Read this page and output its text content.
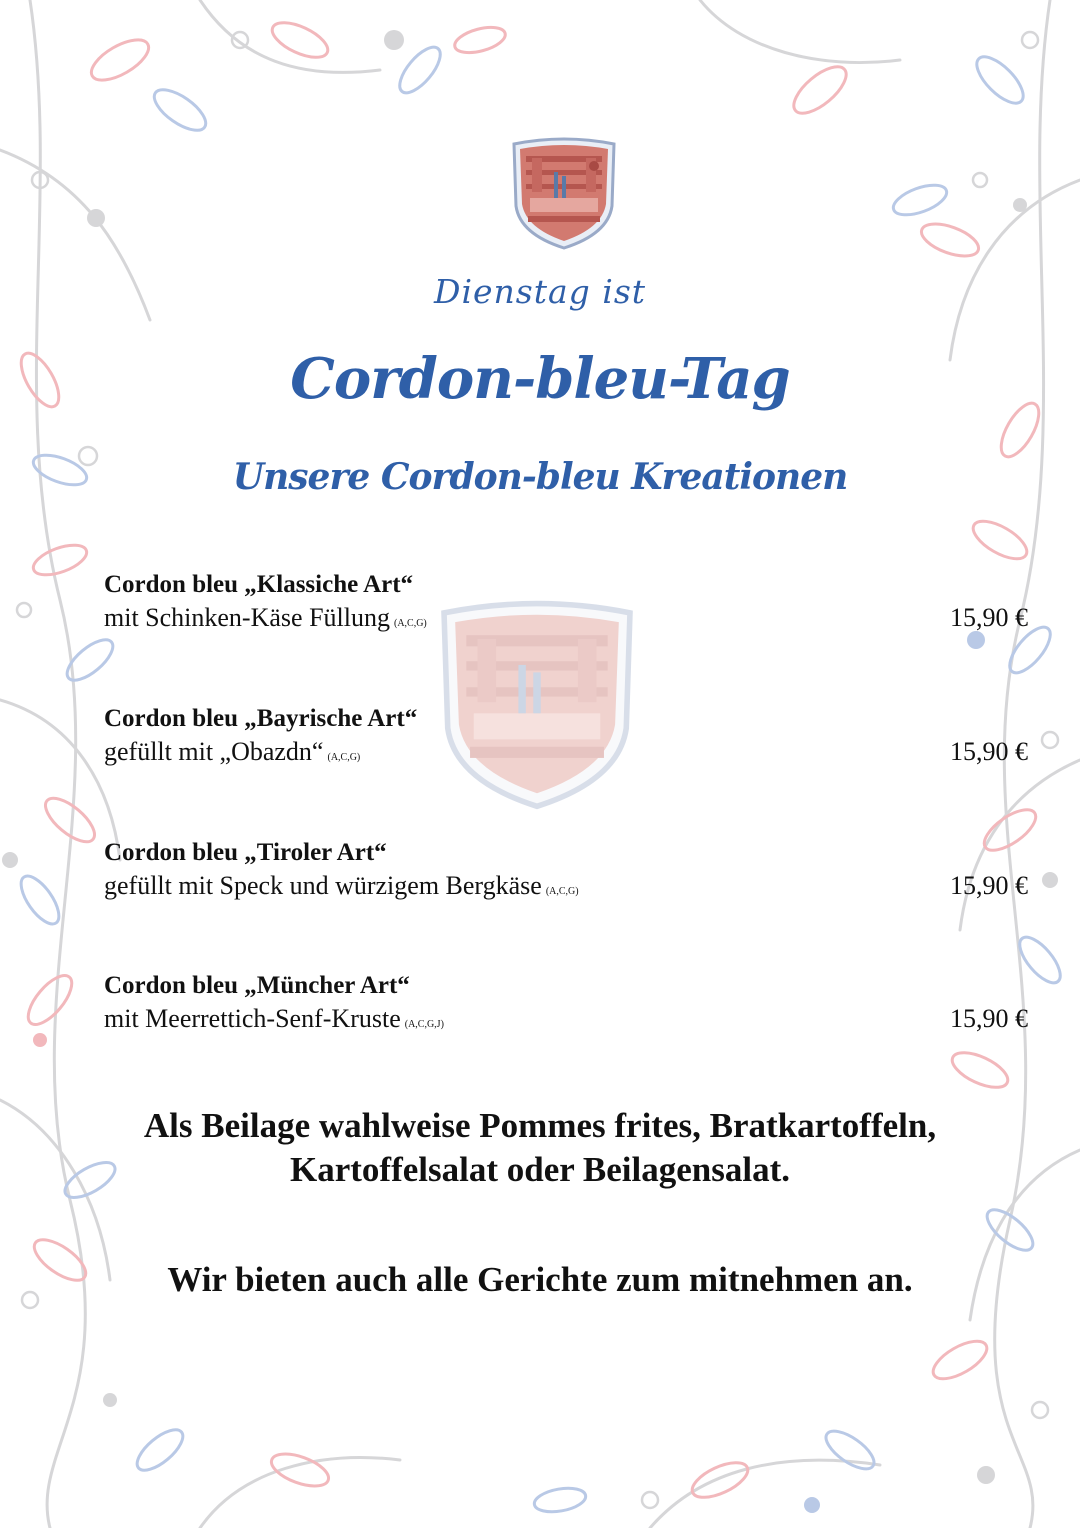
Dienstag ist
Cordon-bleu-Tag
Unsere Cordon-bleu Kreationen
Cordon bleu „Klassiche Art“
mit Schinken-Käse Füllung (A,C,G)	15,90 €
Cordon bleu „Bayrische Art“
gefüllt mit „Obazdn“ (A,C,G)	15,90 €
Cordon bleu „Tiroler Art“
gefüllt mit Speck und würzigem Bergkäse (A,C,G)	15,90 €
Cordon bleu „Müncher Art“
mit Meerrettich-Senf-Kruste (A,C,G,J)	15,90 €
Als Beilage wahlweise Pommes frites, Bratkartoffeln,
Kartoffelsalat oder Beilagensalat.
Wir bieten auch alle Gerichte zum mitnehmen an.
